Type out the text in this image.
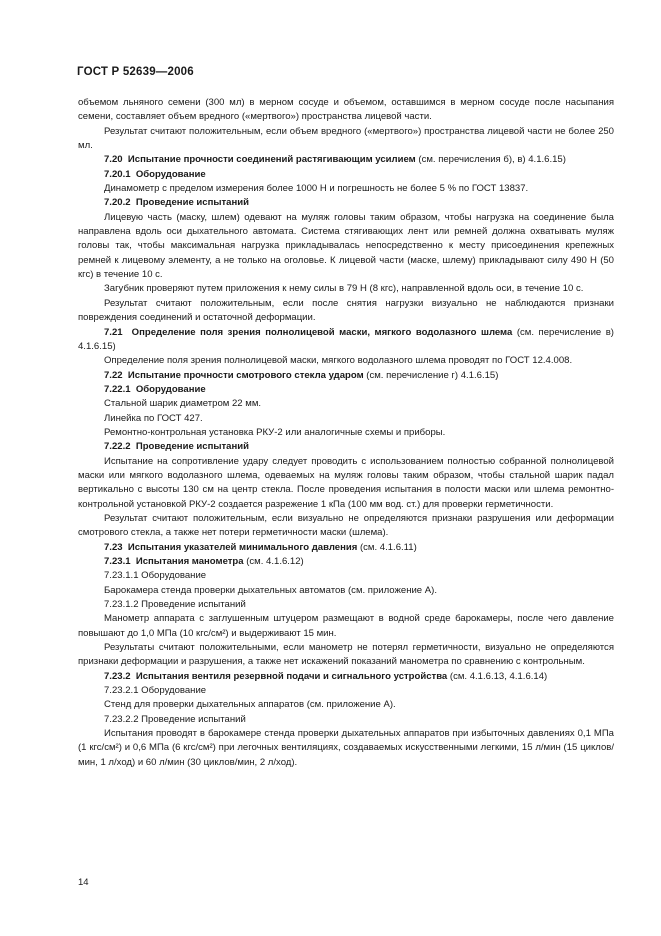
ГОСТ Р 52639—2006

объемом льняного семени (300 мл) в мерном сосуде и объемом, оставшимся в мерном сосуде после насыпания семени, составляет объем вредного («мертвого») пространства лицевой части.

Результат считают положительным, если объем вредного («мертвого») пространства лицевой части не более 250 мл.

7.20 Испытание прочности соединений растягивающим усилием (см. перечисления б), в) 4.1.6.15)

7.20.1 Оборудование

Динамометр с пределом измерения более 1000 Н и погрешность не более 5 % по ГОСТ 13837.

7.20.2 Проведение испытаний

Лицевую часть (маску, шлем) одевают на муляж головы таким образом, чтобы нагрузка на соединение была направлена вдоль оси дыхательного автомата. Система стягивающих лент или ремней должна охватывать муляж головы так, чтобы максимальная нагрузка прикладывалась непосредственно к месту присоединения крепежных ремней к лицевому элементу, а не только на оголовье. К лицевой части (маске, шлему) прикладывают силу 490 Н (50 кгс) в течение 10 с.

Загубник проверяют путем приложения к нему силы в 79 Н (8 кгс), направленной вдоль оси, в течение 10 с.

Результат считают положительным, если после снятия нагрузки визуально не наблюдаются признаки повреждения соединений и остаточной деформации.

7.21 Определение поля зрения полнолицевой маски, мягкого водолазного шлема (см. перечисление в) 4.1.6.15)

Определение поля зрения полнолицевой маски, мягкого водолазного шлема проводят по ГОСТ 12.4.008.

7.22 Испытание прочности смотрового стекла ударом (см. перечисление г) 4.1.6.15)

7.22.1 Оборудование

Стальной шарик диаметром 22 мм.

Линейка по ГОСТ 427.

Ремонтно-контрольная установка РКУ-2 или аналогичные схемы и приборы.

7.22.2 Проведение испытаний

Испытание на сопротивление удару следует проводить с использованием полностью собранной полнолицевой маски или мягкого водолазного шлема, одеваемых на муляж головы таким образом, чтобы стальной шарик падал вертикально с высоты 130 см на центр стекла. После проведения испытания в полости маски или шлема ремонтно-контрольной установкой РКУ-2 создается разрежение 1 кПа (100 мм вод. ст.) для проверки герметичности.

Результат считают положительным, если визуально не определяются признаки разрушения или деформации смотрового стекла, а также нет потери герметичности маски (шлема).

7.23 Испытания указателей минимального давления (см. 4.1.6.11)

7.23.1 Испытания манометра (см. 4.1.6.12)

7.23.1.1 Оборудование

Барокамера стенда проверки дыхательных автоматов (см. приложение А).

7.23.1.2 Проведение испытаний

Манометр аппарата с заглушенным штуцером размещают в водной среде барокамеры, после чего давление повышают до 1,0 МПа (10 кгс/см²) и выдерживают 15 мин.

Результаты считают положительными, если манометр не потерял герметичности, визуально не определяются признаки деформации и разрушения, а также нет искажений показаний манометра по сравнению с контрольным.

7.23.2 Испытания вентиля резервной подачи и сигнального устройства (см. 4.1.6.13, 4.1.6.14)

7.23.2.1 Оборудование

Стенд для проверки дыхательных аппаратов (см. приложение А).

7.23.2.2 Проведение испытаний

Испытания проводят в барокамере стенда проверки дыхательных аппаратов при избыточных давлениях 0,1 МПа (1 кгс/см²) и 0,6 МПа (6 кгс/см²) при легочных вентиляциях, создаваемых искусственными легкими, 15 л/мин (15 циклов/мин, 1 л/ход) и 60 л/мин (30 циклов/мин, 2 л/ход).

14
